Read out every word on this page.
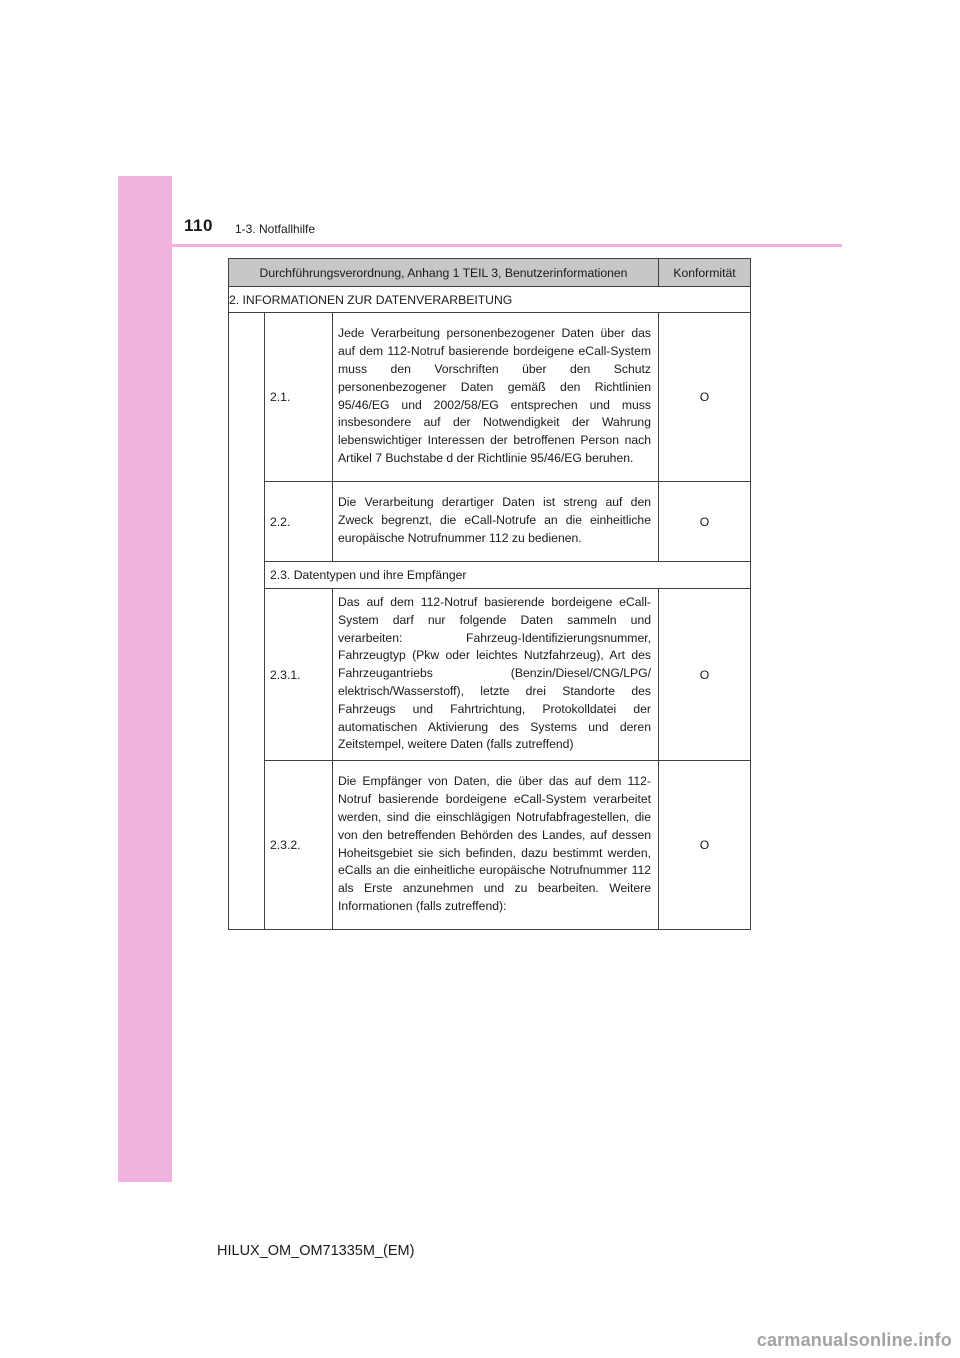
110 1-3. Notfallhilfe
Durchführungsverordnung, Anhang 1 TEIL 3, Benutzerinformationen			Konformität
2. INFORMATIONEN ZUR DATENVERARBEITUNG			
	2.1.	Jede Verarbeitung personenbezogener Daten über das auf dem 112-Notruf basierende bordeigene eCall-System muss den Vorschriften über den Schutz personenbezogener Daten gemäß den Richtlinien 95/46/EG und 2002/58/EG entsprechen und muss insbesondere auf der Notwendigkeit der Wahrung lebenswichtiger Interessen der betroffenen Person nach Artikel 7 Buchstabe d der Richtlinie 95/46/EG beruhen.	O
	2.2.	Die Verarbeitung derartiger Daten ist streng auf den Zweck begrenzt, die eCall-Notrufe an die einheitliche europäische Notrufnummer 112 zu bedienen.	O
	2.3. Datentypen und ihre Empfänger		
	2.3.1.	Das auf dem 112-Notruf basierende bordeigene eCall-System darf nur folgende Daten sammeln und verarbeiten: Fahrzeug-Identifizierungsnummer, Fahrzeugtyp (Pkw oder leichtes Nutzfahrzeug), Art des Fahrzeugantriebs (Benzin/Diesel/CNG/LPG/ elektrisch/Wasserstoff), letzte drei Standorte des Fahrzeugs und Fahrtrichtung, Protokolldatei der automatischen Aktivierung des Systems und deren Zeitstempel, weitere Daten (falls zutreffend)	O
	2.3.2.	Die Empfänger von Daten, die über das auf dem 112-Notruf basierende bordeigene eCall-System verarbeitet werden, sind die einschlägigen Notrufabfragestellen, die von den betreffenden Behörden des Landes, auf dessen Hoheitsgebiet sie sich befinden, dazu bestimmt werden, eCalls an die einheitliche europäische Notrufnummer 112 als Erste anzunehmen und zu bearbeiten. Weitere Informationen (falls zutreffend):	O
HILUX_OM_OM71335M_(EM)
carmanualsonline.info
